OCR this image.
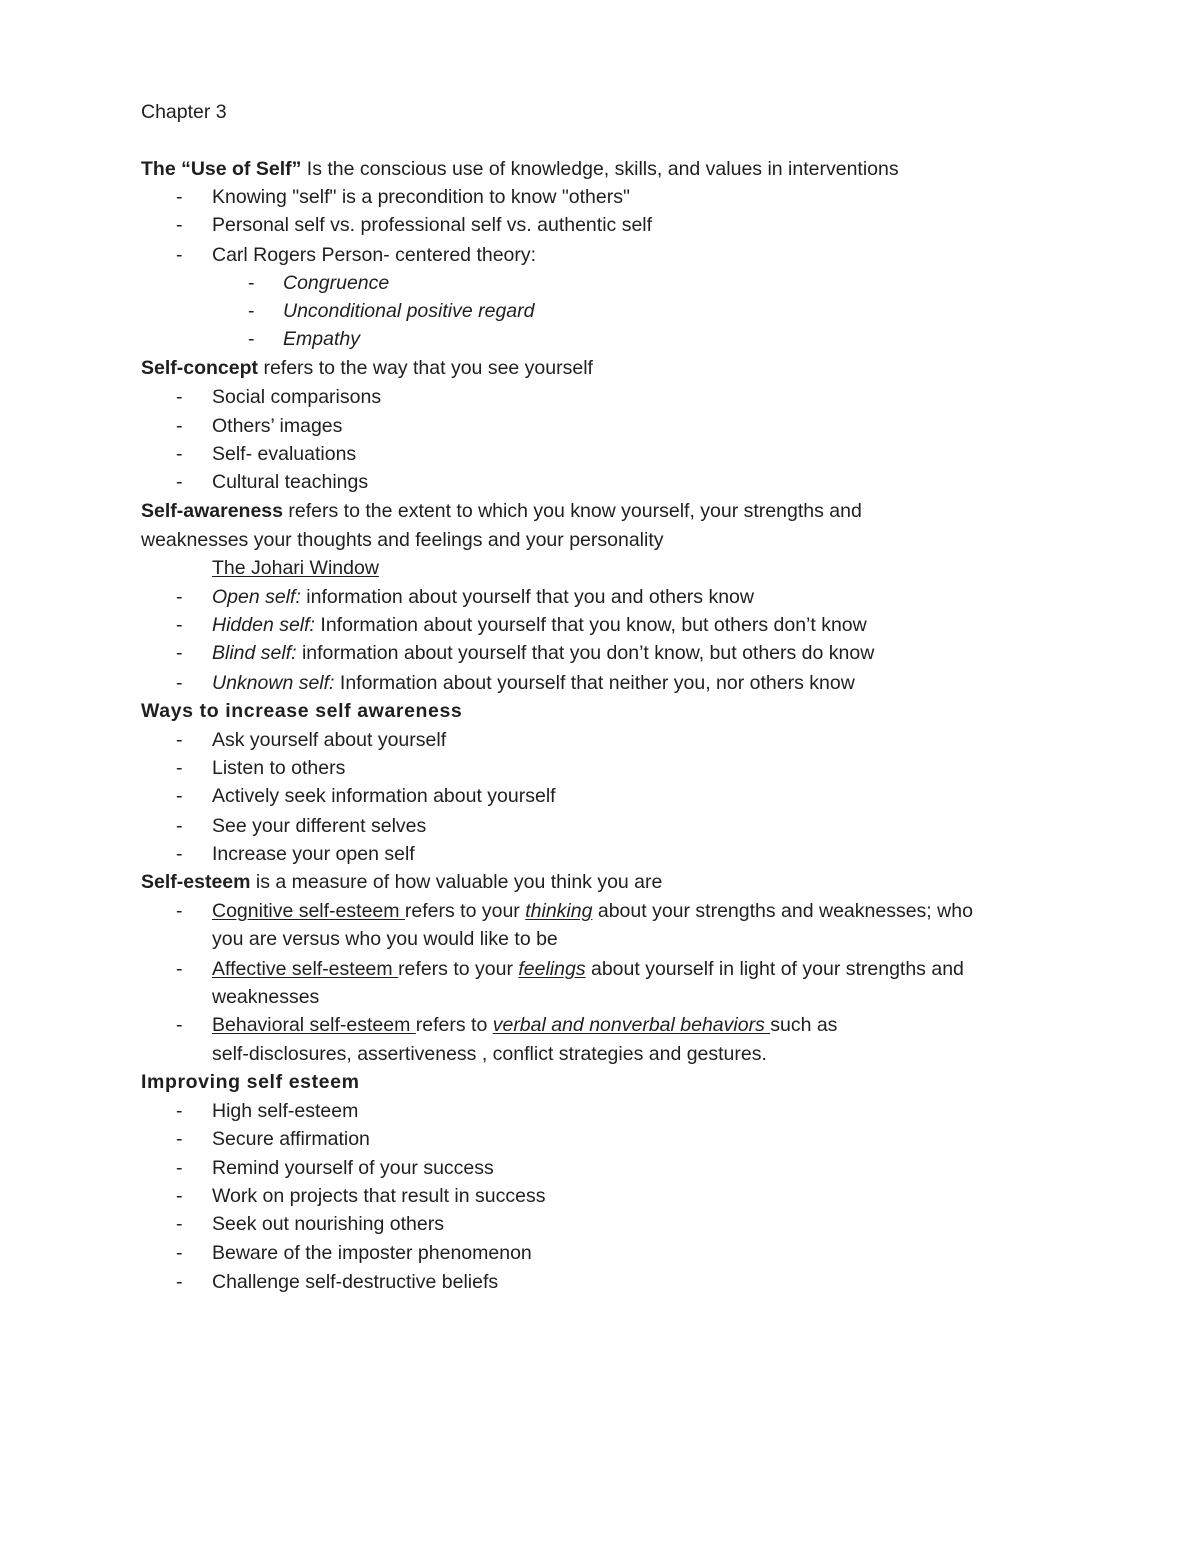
Chapter 3
The “Use of Self” Is the conscious use of knowledge, skills, and values in interventions
- Knowing "self" is a precondition to know "others"
- Personal self vs. professional self vs. authentic self
- Carl Rogers Person- centered theory:
- Congruence
- Unconditional positive regard
- Empathy
Self-concept refers to the way that you see yourself
- Social comparisons
- Others’ images
- Self- evaluations
- Cultural teachings
Self-awareness refers to the extent to which you know yourself, your strengths and
weaknesses your thoughts and feelings and your personality
The Johari Window
- Open self: information about yourself that you and others know
- Hidden self: Information about yourself that you know, but others don’t know
- Blind self: information about yourself that you don’t know, but others do know
- Unknown self: Information about yourself that neither you, nor others know
Ways to increase self awareness
- Ask yourself about yourself
- Listen to others
- Actively seek information about yourself
- See your different selves
- Increase your open self
Self-esteem is a measure of how valuable you think you are
- Cognitive self-esteem refers to your thinking about your strengths and weaknesses; who
you are versus who you would like to be
- Affective self-esteem refers to your feelings about yourself in light of your strengths and
weaknesses
- Behavioral self-esteem refers to verbal and nonverbal behaviors such as
self-disclosures, assertiveness , conflict strategies and gestures.
Improving self esteem
- High self-esteem
- Secure affirmation
- Remind yourself of your success
- Work on projects that result in success
- Seek out nourishing others
- Beware of the imposter phenomenon
- Challenge self-destructive beliefs
